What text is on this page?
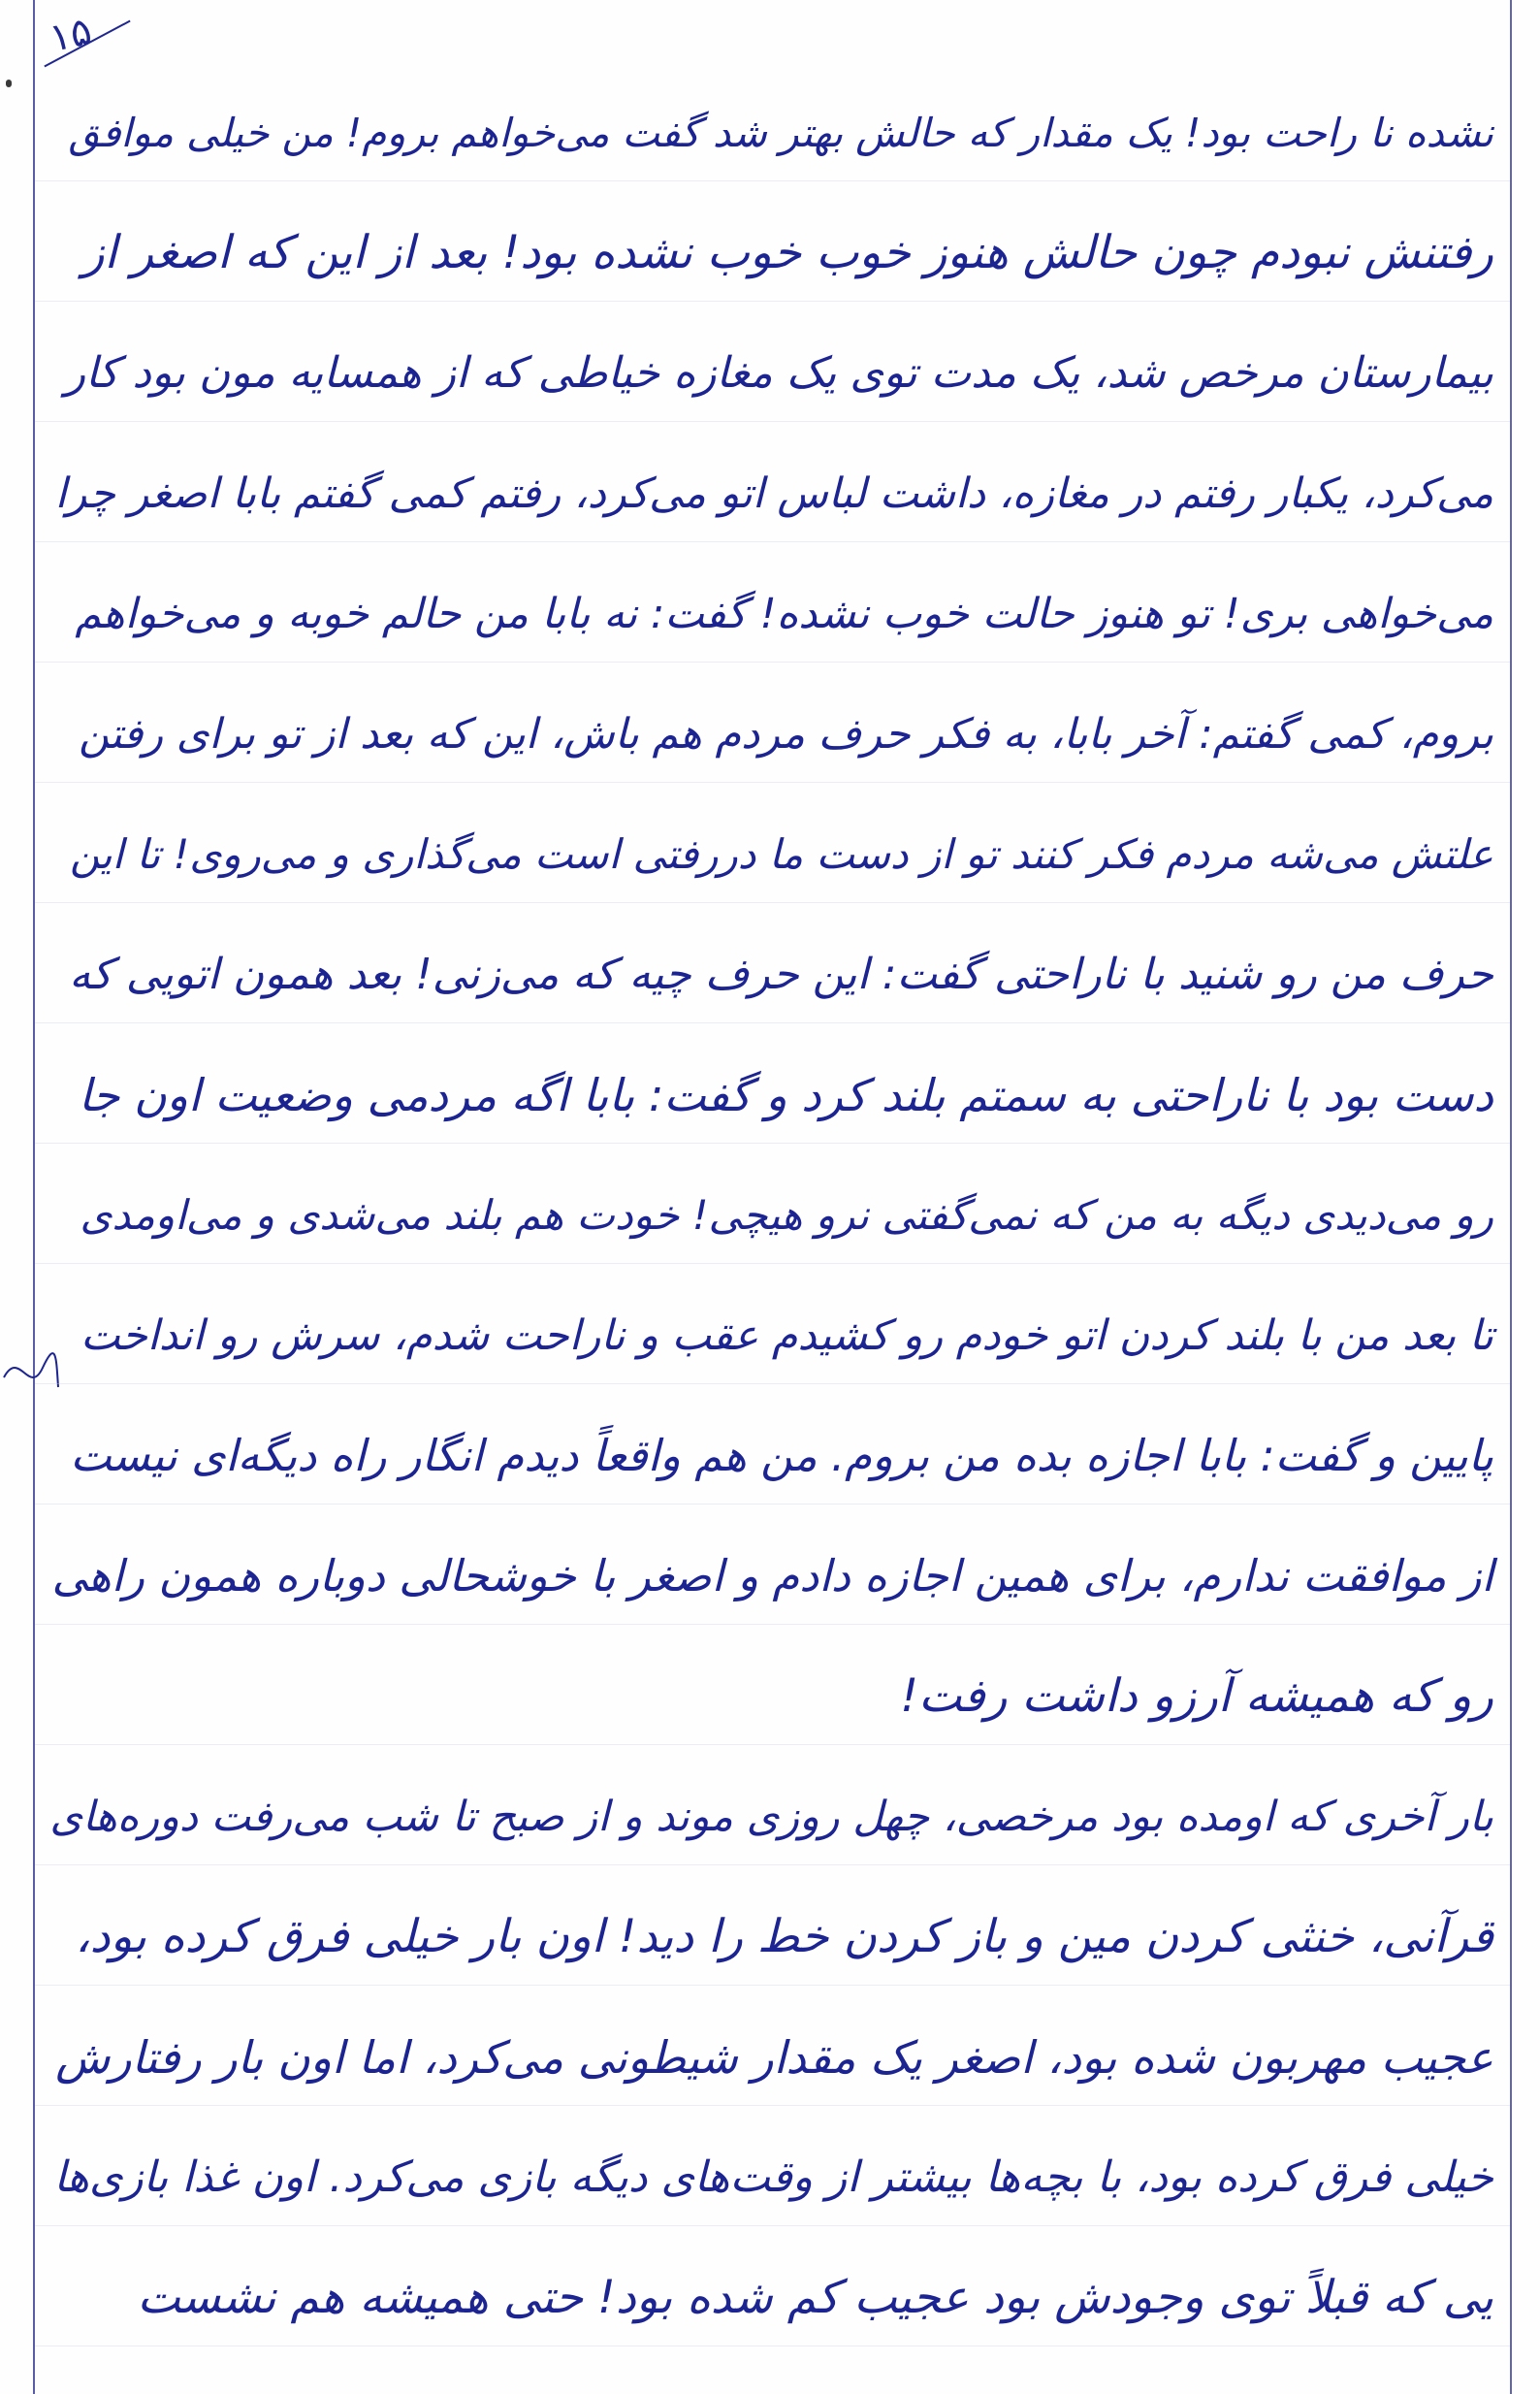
۱۵
نشده نا راحت بود! یک مقدار که حالش بهتر شد گفت می‌خواهم بروم! من خیلی موافق
رفتنش نبودم چون حالش هنوز خوب خوب نشده بود! بعد از این که اصغر از
بیمارستان مرخص شد، یک مدت توی یک مغازه خیاطی که از همسایه‌ مون بود کار
می‌کرد، یکبار رفتم در مغازه، داشت لباس اتو می‌کرد، رفتم کمی گفتم بابا اصغر چرا
می‌خواهی بری! تو هنوز حالت خوب نشده! گفت: نه بابا من حالم خوبه و می‌خواهم
بروم، کمی گفتم: آخر بابا، به فکر حرف مردم هم باش، این که بعد از تو برای رفتن
علتش می‌شه مردم فکر کنند تو از دست ما دررفتی است می‌گذاری و می‌روی! تا این
حرف من رو شنید با ناراحتی گفت: این حرف چیه که می‌زنی! بعد همون اتویی که
دست بود با ناراحتی به سمتم بلند کرد و گفت: بابا اگه مردمی وضعیت اون جا
رو می‌دیدی دیگه به من که نمی‌گفتی نرو هیچی! خودت هم بلند می‌شدی و می‌اومدی
تا بعد من با بلند کردن اتو خودم رو کشیدم عقب و ناراحت شدم، سرش رو انداخت
پایین و گفت: بابا اجازه بده من بروم. من هم واقعاً دیدم انگار راه دیگه‌ای نیست
از موافقت ندارم، برای همین اجازه دادم و اصغر با خوشحالی دوباره همون راهی
رو که همیشه آرزو داشت رفت!
بار آخری که اومده بود مرخصی، چهل روزی موند و از صبح تا شب می‌رفت دوره‌های
قرآنی، خنثی کردن مین و باز کردن خط را دید! اون بار خیلی فرق کرده بود،
عجیب مهربون شده بود، اصغر یک مقدار شیطونی می‌کرد، اما اون بار رفتارش
خیلی فرق کرده بود، با بچه‌ها بیشتر از وقت‌های دیگه بازی می‌کرد. اون غذا بازی‌ها
یی که قبلاً توی وجودش بود عجیب کم شده بود! حتی همیشه هم نشست
